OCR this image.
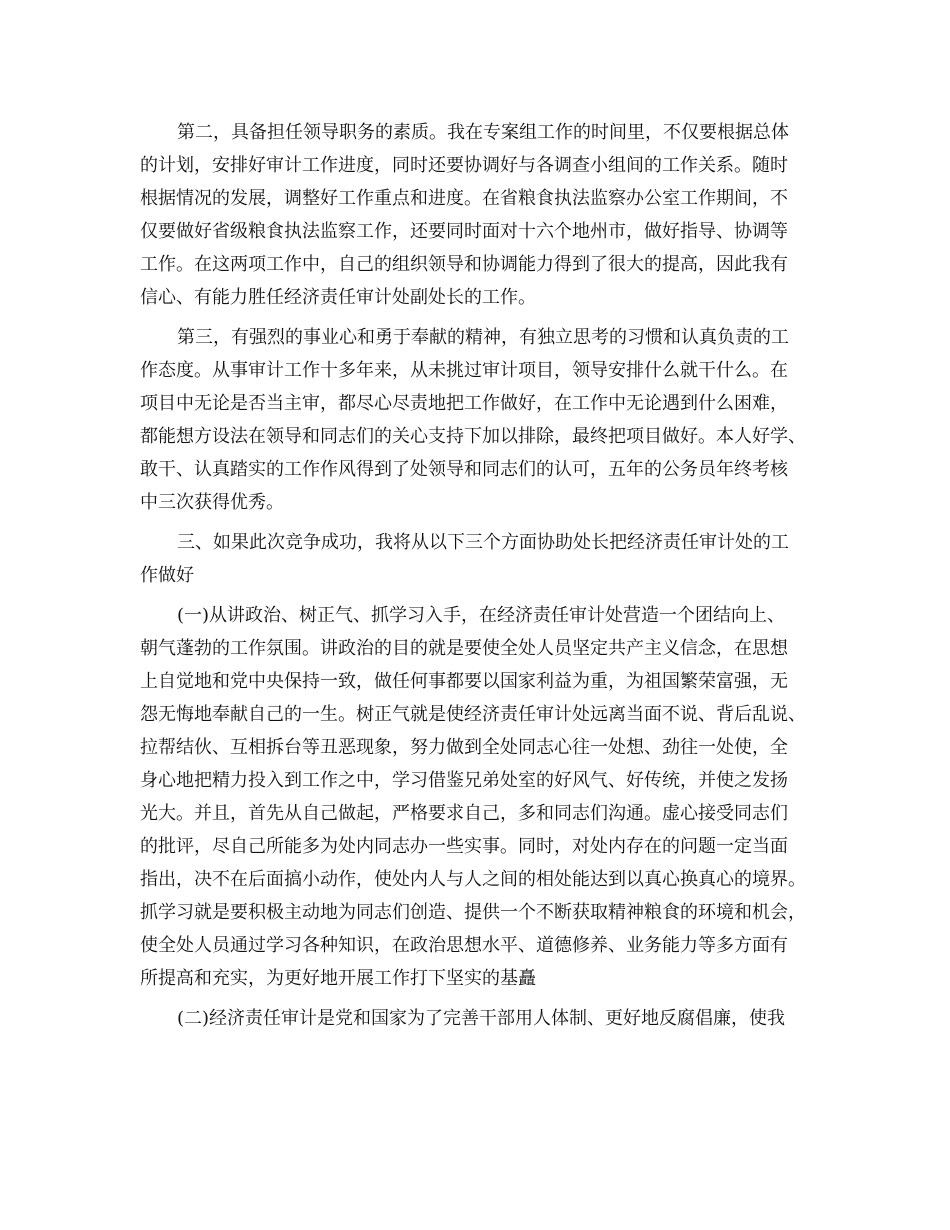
第二，具备担任领导职务的素质。我在专案组工作的时间里，不仅要根据总体
的计划，安排好审计工作进度，同时还要协调好与各调查小组间的工作关系。随时
根据情况的发展，调整好工作重点和进度。在省粮食执法监察办公室工作期间，不
仅要做好省级粮食执法监察工作，还要同时面对十六个地州市，做好指导、协调等
工作。在这两项工作中，自己的组织领导和协调能力得到了很大的提高，因此我有
信心、有能力胜任经济责任审计处副处长的工作。
第三，有强烈的事业心和勇于奉献的精神，有独立思考的习惯和认真负责的工
作态度。从事审计工作十多年来，从未挑过审计项目，领导安排什么就干什么。在
项目中无论是否当主审，都尽心尽责地把工作做好，在工作中无论遇到什么困难，
都能想方设法在领导和同志们的关心支持下加以排除，最终把项目做好。本人好学、
敢干、认真踏实的工作作风得到了处领导和同志们的认可，五年的公务员年终考核
中三次获得优秀。
三、如果此次竞争成功，我将从以下三个方面协助处长把经济责任审计处的工
作做好
(一)从讲政治、树正气、抓学习入手，在经济责任审计处营造一个团结向上、
朝气蓬勃的工作氛围。讲政治的目的就是要使全处人员坚定共产主义信念，在思想
上自觉地和党中央保持一致，做任何事都要以国家利益为重，为祖国繁荣富强，无
怨无悔地奉献自己的一生。树正气就是使经济责任审计处远离当面不说、背后乱说、
拉帮结伙、互相拆台等丑恶现象，努力做到全处同志心往一处想、劲往一处使，全
身心地把精力投入到工作之中，学习借鉴兄弟处室的好风气、好传统，并使之发扬
光大。并且，首先从自己做起，严格要求自己，多和同志们沟通。虚心接受同志们
的批评，尽自己所能多为处内同志办一些实事。同时，对处内存在的问题一定当面
指出，决不在后面搞小动作，使处内人与人之间的相处能达到以真心换真心的境界。
抓学习就是要积极主动地为同志们创造、提供一个不断获取精神粮食的环境和机会，
使全处人员通过学习各种知识，在政治思想水平、道德修养、业务能力等多方面有
所提高和充实，为更好地开展工作打下坚实的基矗
(二)经济责任审计是党和国家为了完善干部用人体制、更好地反腐倡廉，使我
